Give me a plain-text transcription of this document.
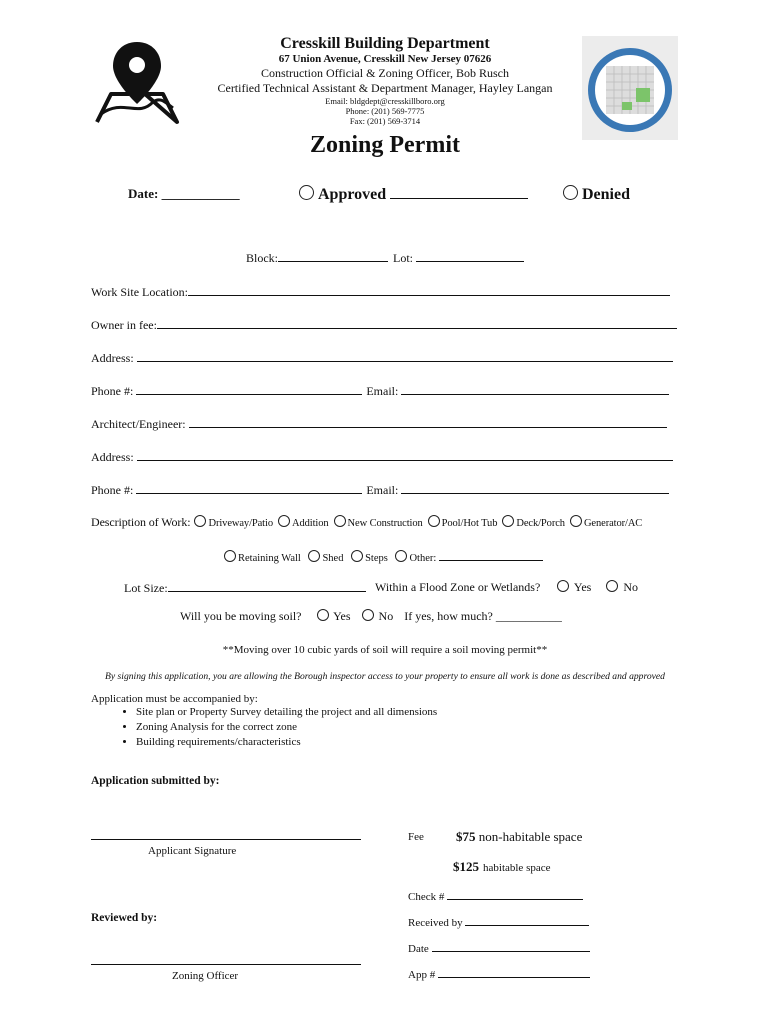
Cresskill Building Department
67 Union Avenue, Cresskill New Jersey 07626
Construction Official & Zoning Officer, Bob Rusch
Certified Technical Assistant & Department Manager, Hayley Langan
Email: bldgdept@cresskillboro.org
Phone: (201) 569-7775
Fax: (201) 569-3714
Zoning Permit
Date: ____________	Approved	Denied
Block:	Lot:
Work Site Location:
Owner in fee:
Address:
Phone #:	Email:
Architect/Engineer:
Address:
Phone #:	Email:
Description of Work: Driveway/Patio Addition New Construction Pool/Hot Tub Deck/Porch Generator/AC
Retaining Wall Shed Steps Other:
Lot Size:	Within a Flood Zone or Wetlands?	Yes	No
Will you be moving soil?	Yes No If yes, how much? ___________
**Moving over 10 cubic yards of soil will require a soil moving permit**
By signing this application, you are allowing the Borough inspector access to your property to ensure all work is done as described and approved
Application must be accompanied by:
• Site plan or Property Survey detailing the project and all dimensions
• Zoning Analysis for the correct zone
• Building requirements/characteristics
Application submitted by:
Applicant Signature
Reviewed by:
Zoning Officer
Fee $75 non-habitable space
$125 habitable space
Check #
Received by
Date
App #
